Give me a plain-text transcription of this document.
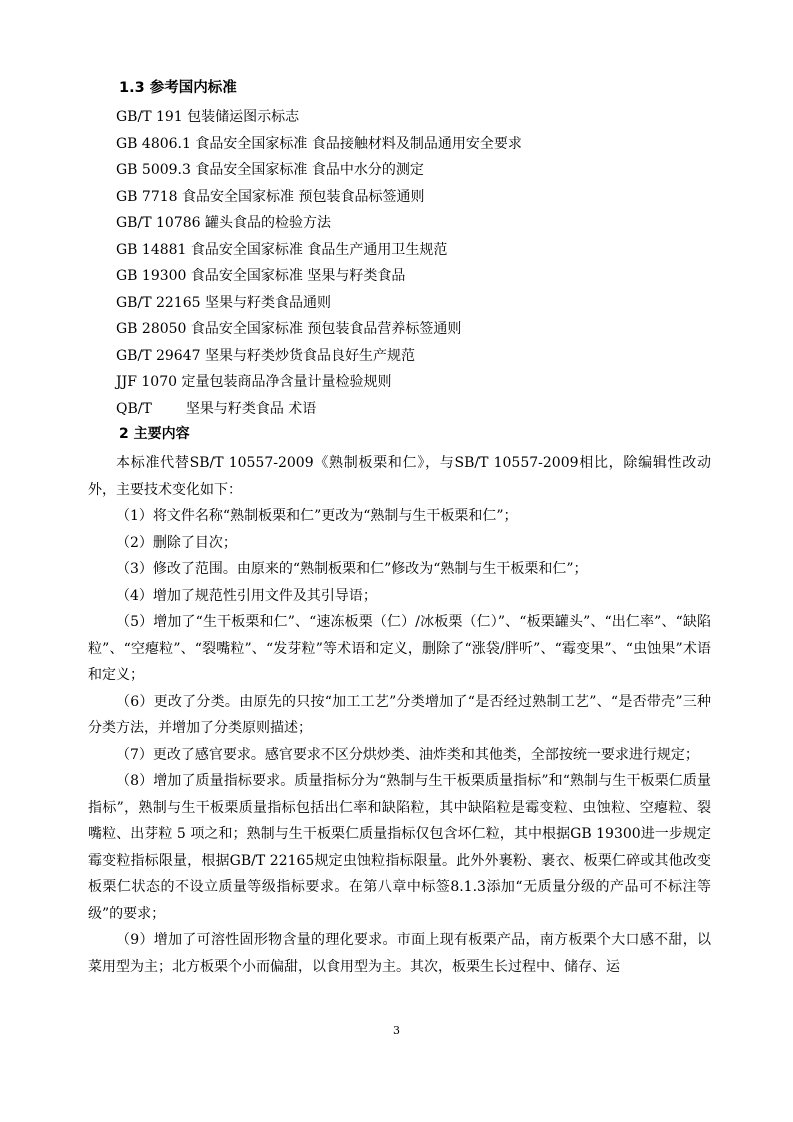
1.3 参考国内标准
GB/T 191 包装储运图示标志
GB 4806.1 食品安全国家标准 食品接触材料及制品通用安全要求
GB 5009.3 食品安全国家标准 食品中水分的测定
GB 7718 食品安全国家标准 预包装食品标签通则
GB/T 10786 罐头食品的检验方法
GB 14881 食品安全国家标准 食品生产通用卫生规范
GB 19300 食品安全国家标准 坚果与籽类食品
GB/T 22165 坚果与籽类食品通则
GB 28050 食品安全国家标准 预包装食品营养标签通则
GB/T 29647 坚果与籽类炒货食品良好生产规范
JJF 1070 定量包装商品净含量计量检验规则
QB/T 坚果与籽类食品 术语
2 主要内容

本标准代替SB/T 10557-2009《熟制板栗和仁》，与SB/T 10557-2009相比，除编辑性改动外，主要技术变化如下：

（1）将文件名称“熟制板栗和仁”更改为“熟制与生干板栗和仁”；

（2）删除了目次；

（3）修改了范围。由原来的“熟制板栗和仁”修改为“熟制与生干板栗和仁”；

（4）增加了规范性引用文件及其引导语；

（5）增加了“生干板栗和仁”、“速冻板栗（仁）/冰板栗（仁）”、“板栗罐头”、“出仁率”、“缺陷粒”、“空瘪粒”、“裂嘴粒”、“发芽粒”等术语和定义，删除了“涨袋/胖听”、“霉变果”、“虫蚀果”术语和定义；

（6）更改了分类。由原先的只按“加工工艺”分类增加了“是否经过熟制工艺”、“是否带壳”三种分类方法，并增加了分类原则描述；

（7）更改了感官要求。感官要求不区分烘炒类、油炸类和其他类，全部按统一要求进行规定；

（8）增加了质量指标要求。质量指标分为“熟制与生干板栗质量指标”和“熟制与生干板栗仁质量指标”，熟制与生干板栗质量指标包括出仁率和缺陷粒，其中缺陷粒是霉变粒、虫蚀粒、空瘪粒、裂嘴粒、出芽粒 5 项之和；熟制与生干板栗仁质量指标仅包含坏仁粒，其中根据GB 19300进一步规定霉变粒指标限量，根据GB/T 22165规定虫蚀粒指标限量。此外外裹粉、裹衣、板栗仁碎或其他改变板栗仁状态的不设立质量等级指标要求。在第八章中标签8.1.3添加“无质量分级的产品可不标注等级”的要求；

（9）增加了可溶性固形物含量的理化要求。市面上现有板栗产品，南方板栗个大口感不甜，以菜用型为主；北方板栗个小而偏甜，以食用型为主。其次，板栗生长过程中、储存、运

3
